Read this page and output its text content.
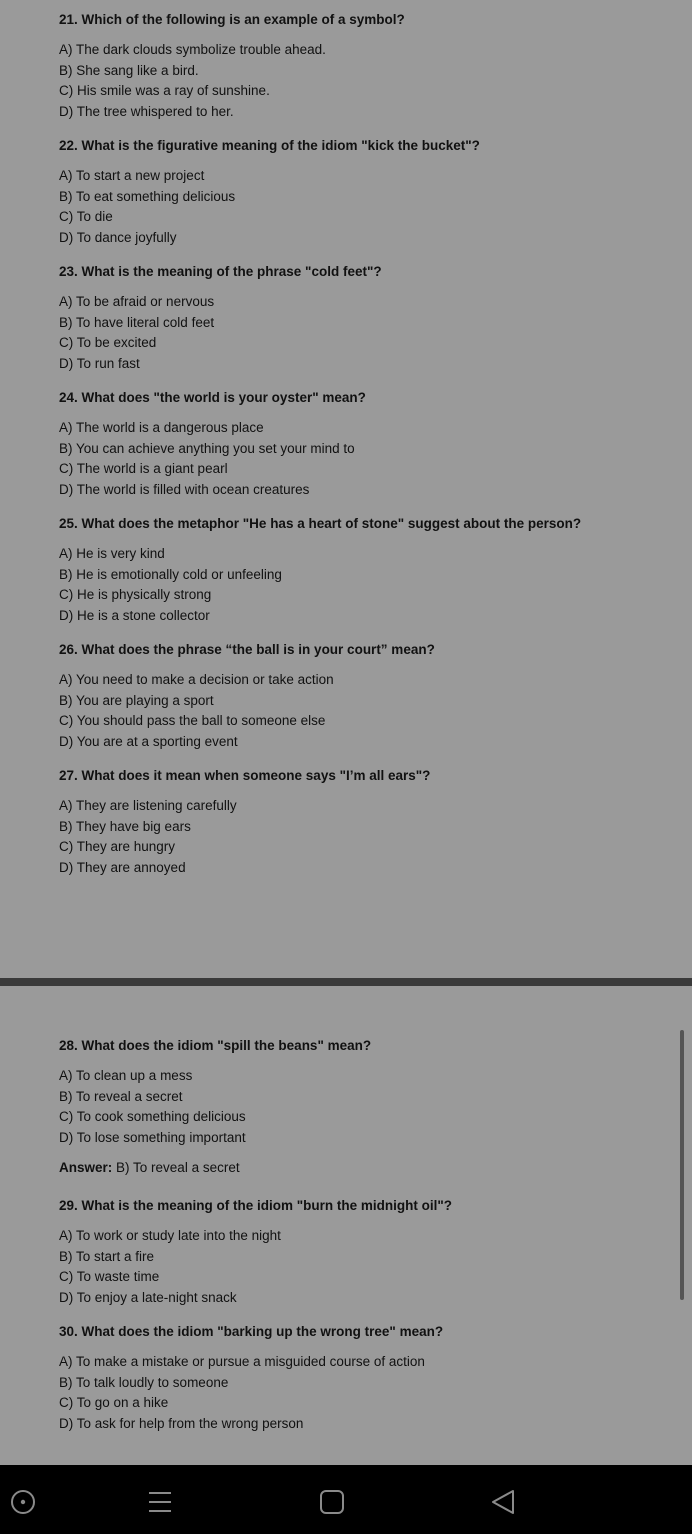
21. Which of the following is an example of a symbol?
A) The dark clouds symbolize trouble ahead.
B) She sang like a bird.
C) His smile was a ray of sunshine.
D) The tree whispered to her.
22. What is the figurative meaning of the idiom "kick the bucket"?
A) To start a new project
B) To eat something delicious
C) To die
D) To dance joyfully
23. What is the meaning of the phrase "cold feet"?
A) To be afraid or nervous
B) To have literal cold feet
C) To be excited
D) To run fast
24. What does "the world is your oyster" mean?
A) The world is a dangerous place
B) You can achieve anything you set your mind to
C) The world is a giant pearl
D) The world is filled with ocean creatures
25. What does the metaphor "He has a heart of stone" suggest about the person?
A) He is very kind
B) He is emotionally cold or unfeeling
C) He is physically strong
D) He is a stone collector
26. What does the phrase “the ball is in your court” mean?
A) You need to make a decision or take action
B) You are playing a sport
C) You should pass the ball to someone else
D) You are at a sporting event
27. What does it mean when someone says "I’m all ears"?
A) They are listening carefully
B) They have big ears
C) They are hungry
D) They are annoyed
28. What does the idiom "spill the beans" mean?
A) To clean up a mess
B) To reveal a secret
C) To cook something delicious
D) To lose something important
Answer: B) To reveal a secret
29. What is the meaning of the idiom "burn the midnight oil"?
A) To work or study late into the night
B) To start a fire
C) To waste time
D) To enjoy a late-night snack
30. What does the idiom "barking up the wrong tree" mean?
A) To make a mistake or pursue a misguided course of action
B) To talk loudly to someone
C) To go on a hike
D) To ask for help from the wrong person
